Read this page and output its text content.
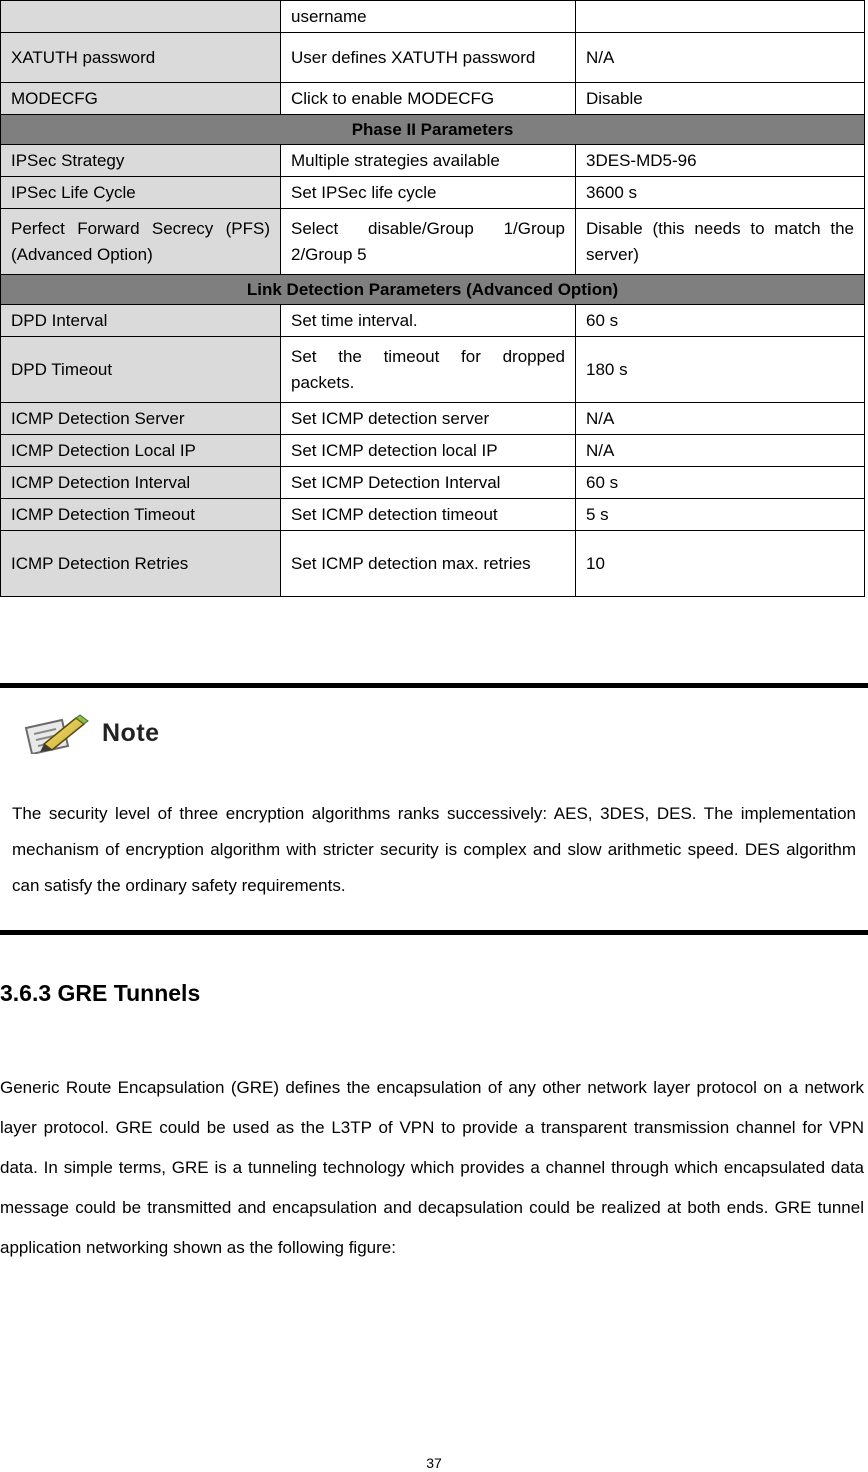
	username	
XATUTH password	User defines XATUTH password	N/A
MODECFG	Click to enable MODECFG	Disable
Phase II Parameters		
IPSec Strategy	Multiple strategies available	3DES-MD5-96
IPSec Life Cycle	Set IPSec life cycle	3600 s
Perfect Forward Secrecy (PFS) (Advanced Option)	Select disable/Group 1/Group 2/Group 5	Disable (this needs to match the server)
Link Detection Parameters (Advanced Option)		
DPD Interval	Set time interval.	60 s
DPD Timeout	Set the timeout for dropped packets.	180 s
ICMP Detection Server	Set ICMP detection server	N/A
ICMP Detection Local IP	Set ICMP detection local IP	N/A
ICMP Detection Interval	Set ICMP Detection Interval	60 s
ICMP Detection Timeout	Set ICMP detection timeout	5 s
ICMP Detection Retries	Set ICMP detection max. retries	10
Note
The security level of three encryption algorithms ranks successively: AES, 3DES, DES. The implementation mechanism of encryption algorithm with stricter security is complex and slow arithmetic speed. DES algorithm can satisfy the ordinary safety requirements.
3.6.3 GRE Tunnels

Generic Route Encapsulation (GRE) defines the encapsulation of any other network layer protocol on a network layer protocol. GRE could be used as the L3TP of VPN to provide a transparent transmission channel for VPN data. In simple terms, GRE is a tunneling technology which provides a channel through which encapsulated data message could be transmitted and encapsulation and decapsulation could be realized at both ends. GRE tunnel application networking shown as the following figure:

37
